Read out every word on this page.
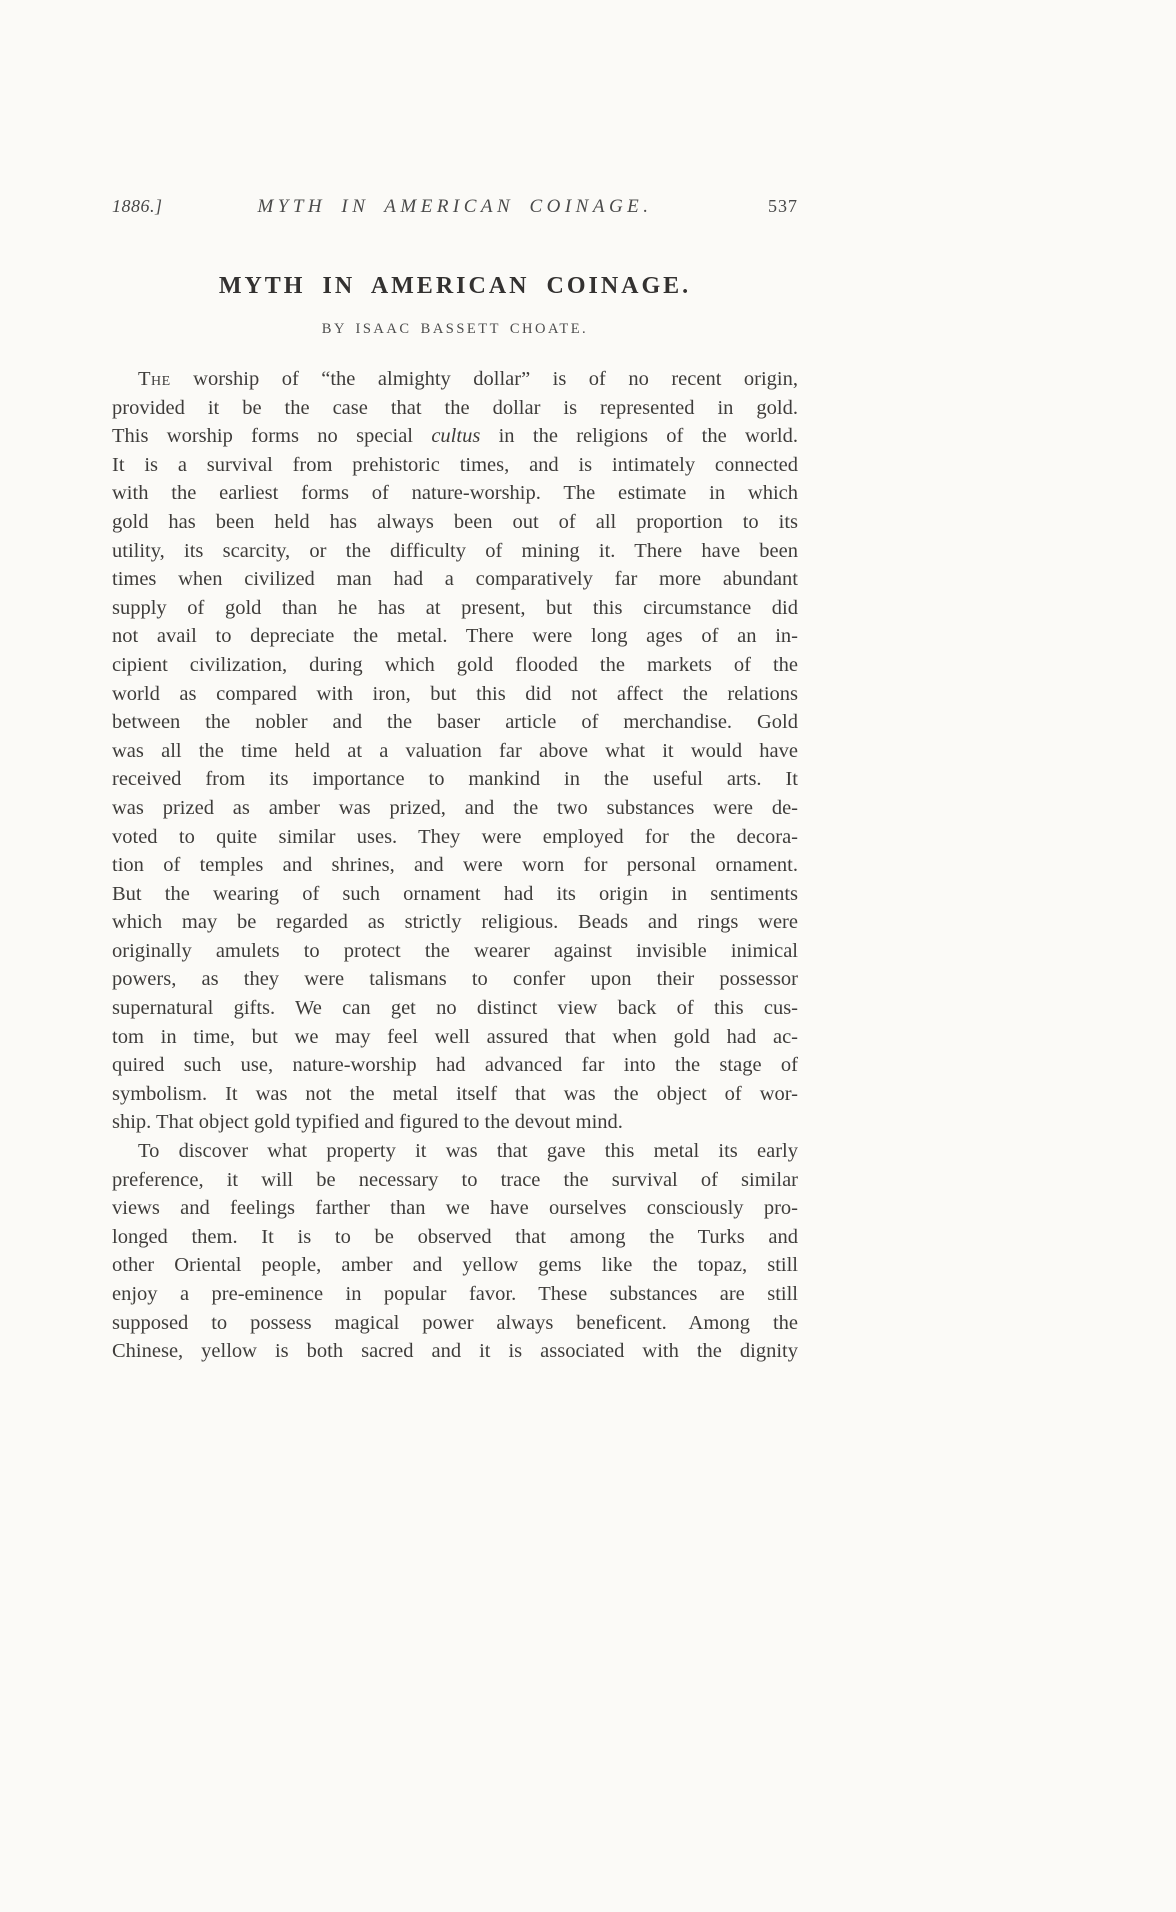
1886.]	MYTH IN AMERICAN COINAGE.	537
MYTH IN AMERICAN COINAGE.
BY ISAAC BASSETT CHOATE.
The worship of “the almighty dollar” is of no recent origin,
provided it be the case that the dollar is represented in gold.
This worship forms no special cultus in the religions of the world.
It is a survival from prehistoric times, and is intimately connected
with the earliest forms of nature-worship. The estimate in which
gold has been held has always been out of all proportion to its
utility, its scarcity, or the difficulty of mining it. There have been
times when civilized man had a comparatively far more abundant
supply of gold than he has at present, but this circumstance did
not avail to depreciate the metal. There were long ages of an in-
cipient civilization, during which gold flooded the markets of the
world as compared with iron, but this did not affect the relations
between the nobler and the baser article of merchandise. Gold
was all the time held at a valuation far above what it would have
received from its importance to mankind in the useful arts. It
was prized as amber was prized, and the two substances were de-
voted to quite similar uses. They were employed for the decora-
tion of temples and shrines, and were worn for personal ornament.
But the wearing of such ornament had its origin in sentiments
which may be regarded as strictly religious. Beads and rings were
originally amulets to protect the wearer against invisible inimical
powers, as they were talismans to confer upon their possessor
supernatural gifts. We can get no distinct view back of this cus-
tom in time, but we may feel well assured that when gold had ac-
quired such use, nature-worship had advanced far into the stage of
symbolism. It was not the metal itself that was the object of wor-
ship. That object gold typified and figured to the devout mind.
To discover what property it was that gave this metal its early
preference, it will be necessary to trace the survival of similar
views and feelings farther than we have ourselves consciously pro-
longed them. It is to be observed that among the Turks and
other Oriental people, amber and yellow gems like the topaz, still
enjoy a pre-eminence in popular favor. These substances are still
supposed to possess magical power always beneficent. Among the
Chinese, yellow is both sacred and it is associated with the dignity
